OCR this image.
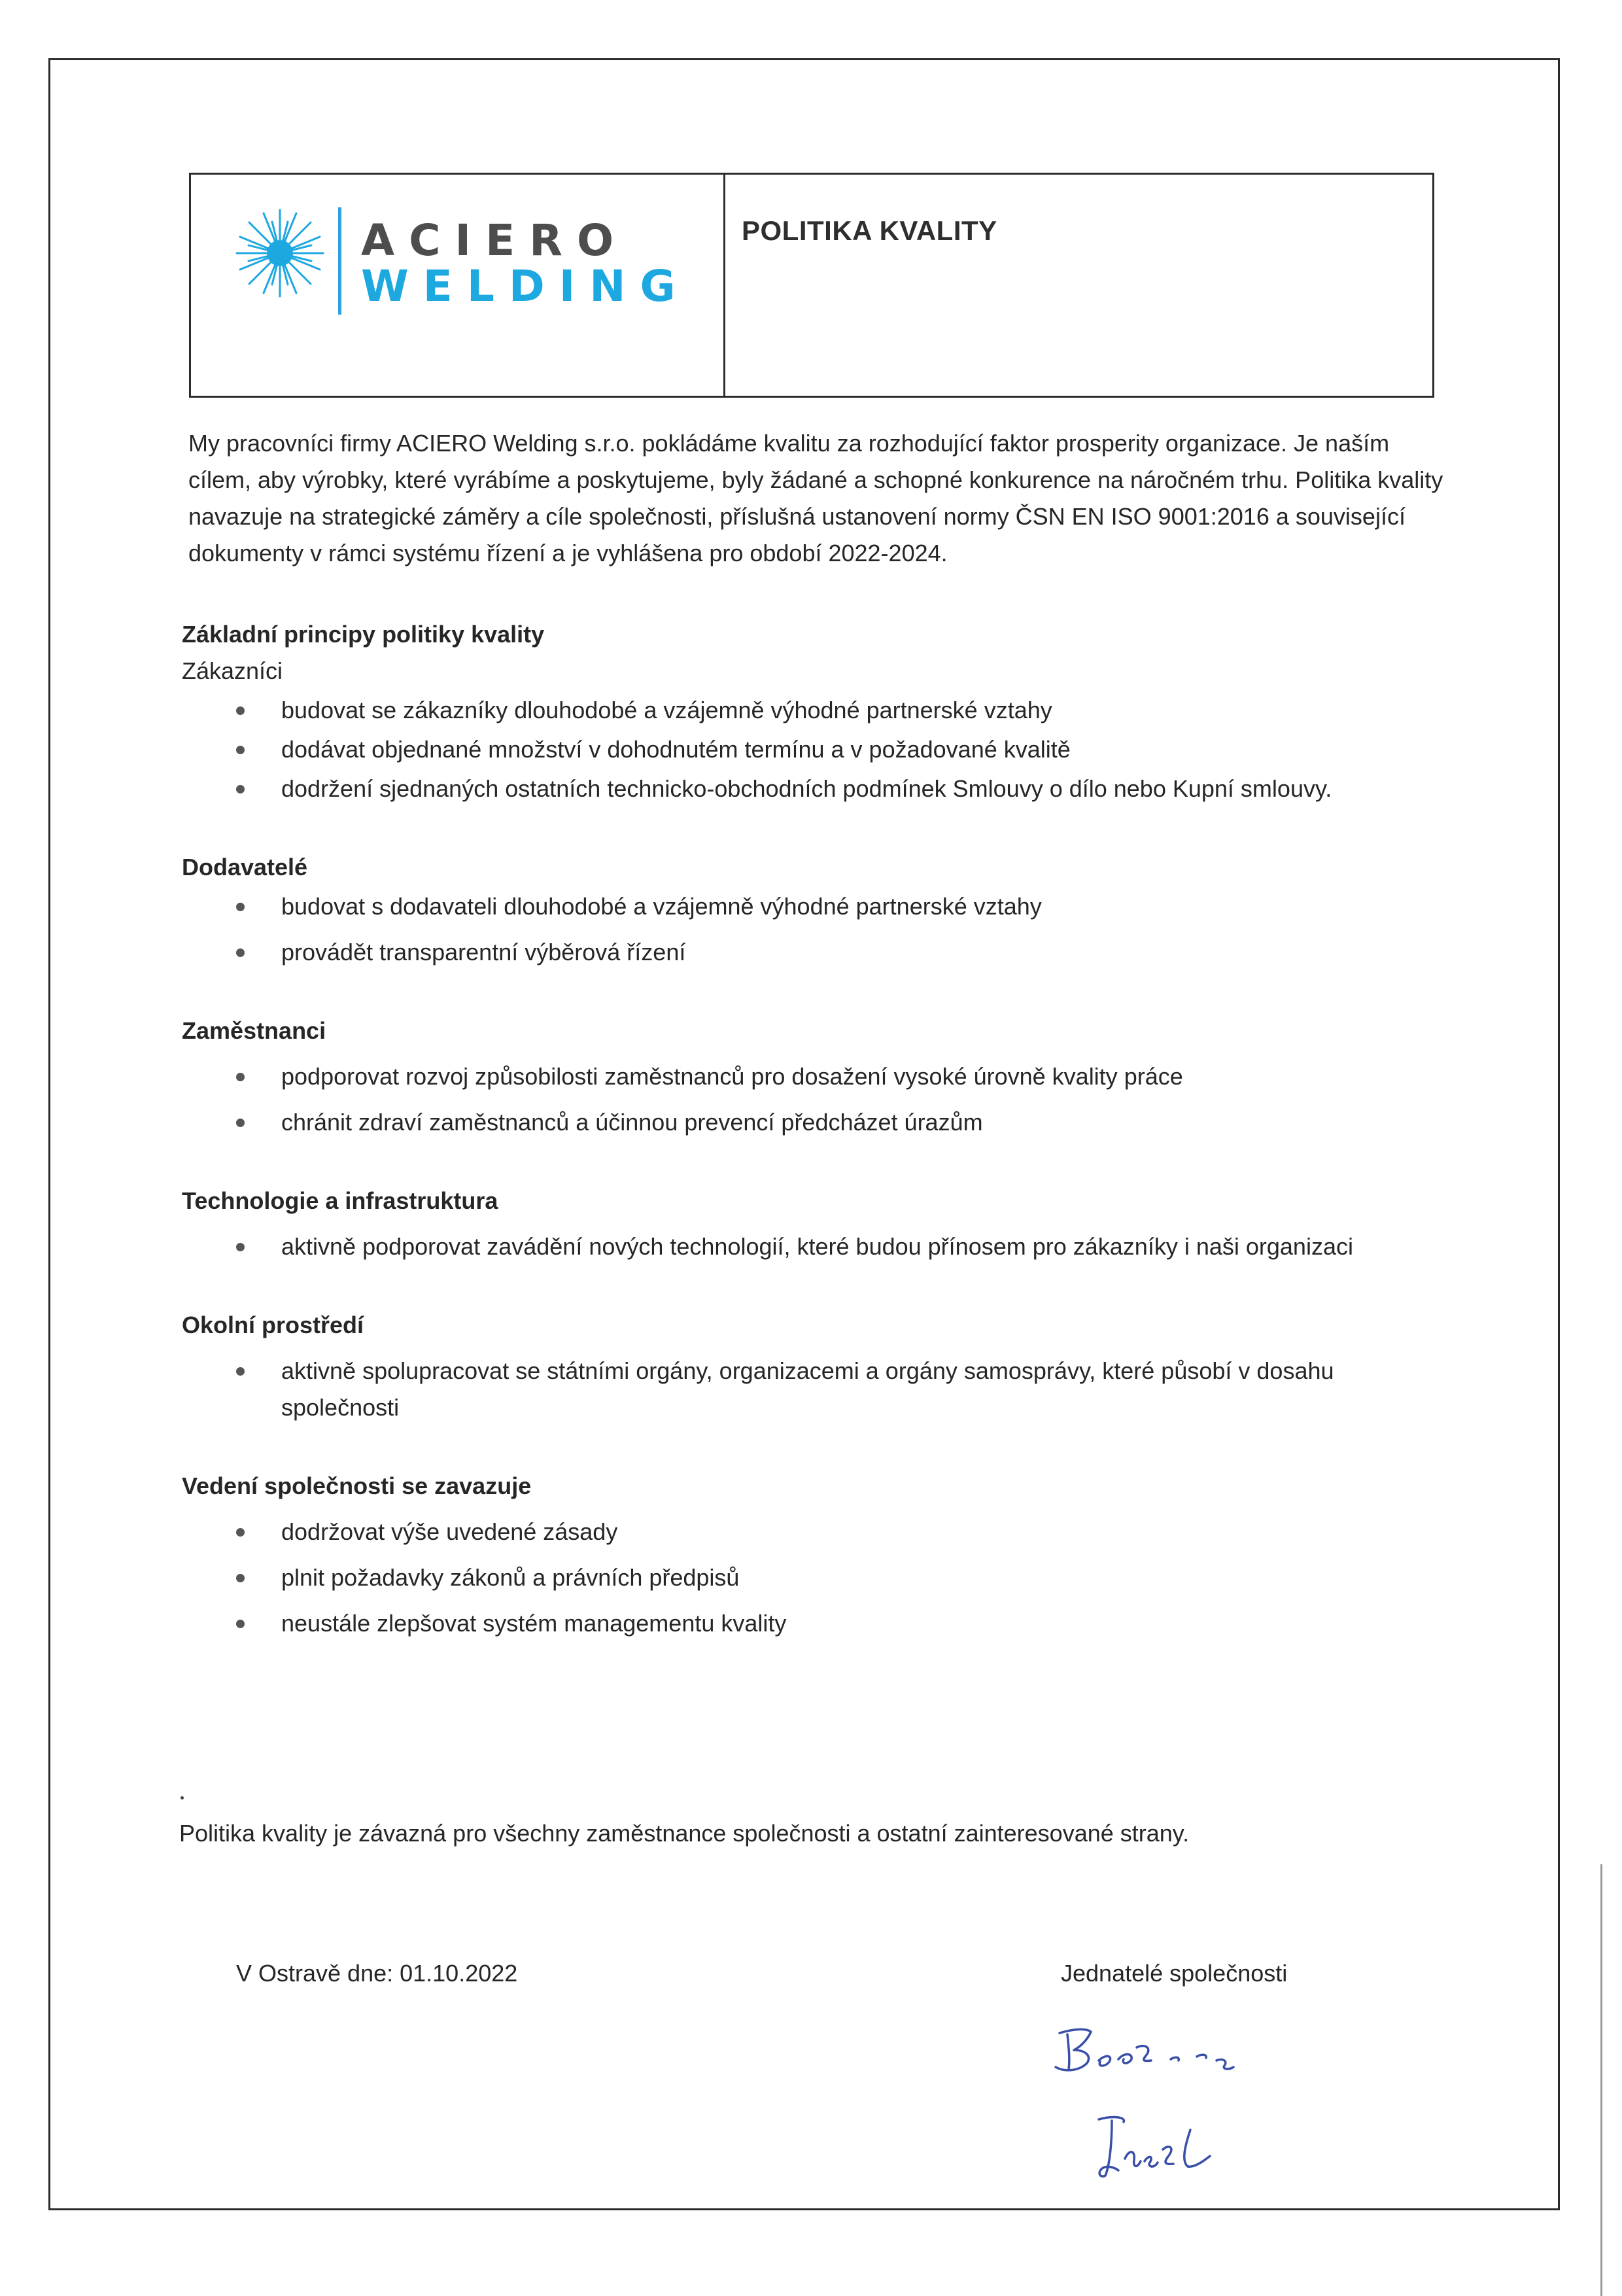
ACIERO
WELDING
POLITIKA KVALITY

My pracovníci firmy ACIERO Welding s.r.o. pokládáme kvalitu za rozhodující faktor prosperity organizace. Je naším cílem, aby výrobky, které vyrábíme a poskytujeme, byly žádané a schopné konkurence na náročném trhu. Politika kvality navazuje na strategické záměry a cíle společnosti, příslušná ustanovení normy ČSN EN ISO 9001:2016 a související dokumenty v rámci systému řízení a je vyhlášena pro období 2022-2024.

Základní principy politiky kvality

Zákazníci

budovat se zákazníky dlouhodobé a vzájemně výhodné partnerské vztahy
dodávat objednané množství v dohodnutém termínu a v požadované kvalitě
dodržení sjednaných ostatních technicko-obchodních podmínek Smlouvy o dílo nebo Kupní smlouvy.

Dodavatelé

budovat s dodavateli dlouhodobé a vzájemně výhodné partnerské vztahy
provádět transparentní výběrová řízení

Zaměstnanci

podporovat rozvoj způsobilosti zaměstnanců pro dosažení vysoké úrovně kvality práce
chránit zdraví zaměstnanců a účinnou prevencí předcházet úrazům

Technologie a infrastruktura

aktivně podporovat zavádění nových technologií, které budou přínosem pro zákazníky i naši organizaci

Okolní prostředí

aktivně spolupracovat se státními orgány, organizacemi a orgány samosprávy, které působí v dosahu společnosti

Vedení společnosti se zavazuje

dodržovat výše uvedené zásady
plnit požadavky zákonů a právních předpisů
neustále zlepšovat systém managementu kvality
Politika kvality je závazná pro všechny zaměstnance společnosti a ostatní zainteresované strany.
V Ostravě dne: 01.10.2022	Jednatelé společnosti
